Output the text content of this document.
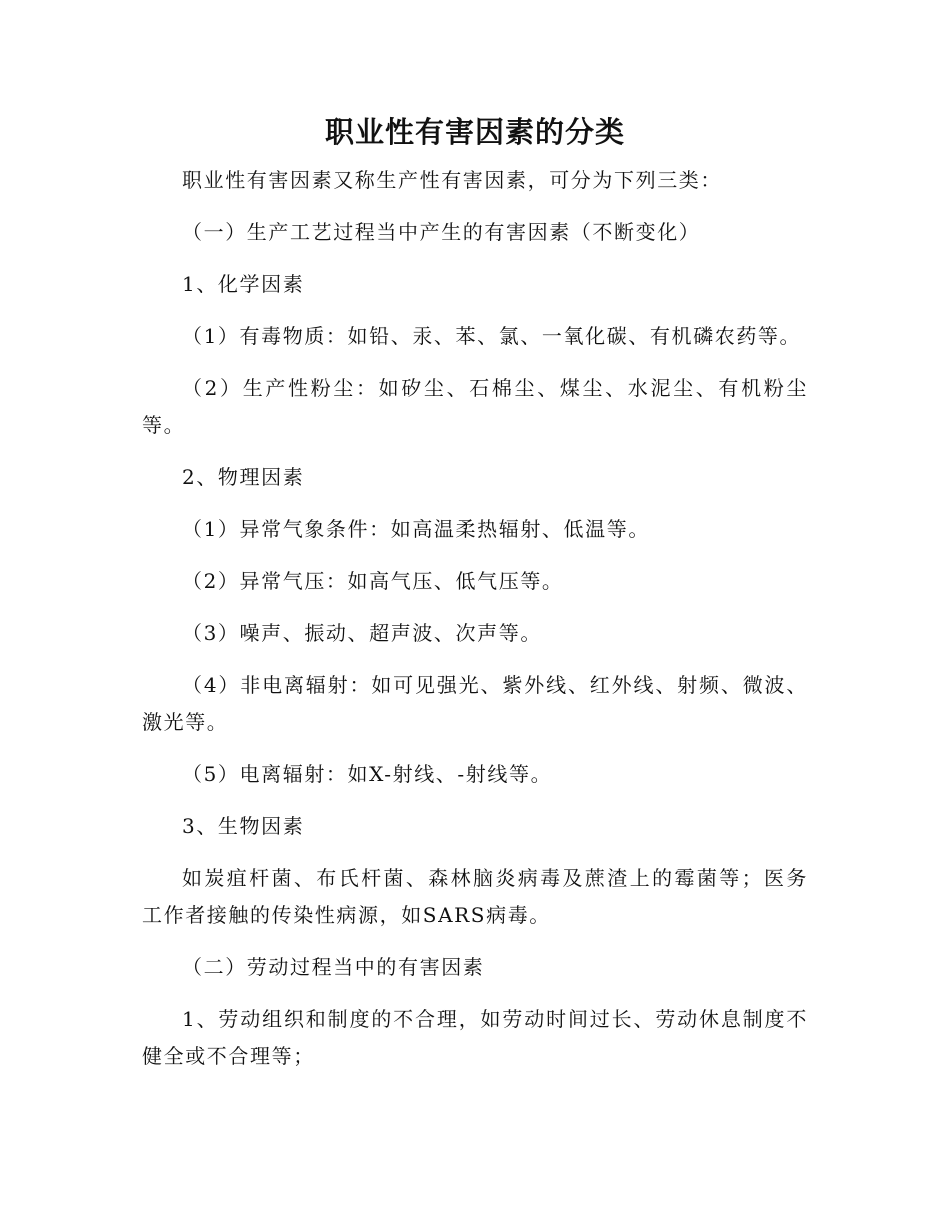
职业性有害因素的分类

职业性有害因素又称生产性有害因素，可分为下列三类：

（一）生产工艺过程当中产生的有害因素（不断变化）

1、化学因素

（1）有毒物质：如铅、汞、苯、氯、一氧化碳、有机磷农药等。

（2）生产性粉尘：如矽尘、石棉尘、煤尘、水泥尘、有机粉尘等。

2、物理因素

（1）异常气象条件：如高温柔热辐射、低温等。

（2）异常气压：如高气压、低气压等。

（3）噪声、振动、超声波、次声等。

（4）非电离辐射：如可见强光、紫外线、红外线、射频、微波、激光等。

（5）电离辐射：如X-射线、-射线等。

3、生物因素

如炭疽杆菌、布氏杆菌、森林脑炎病毒及蔗渣上的霉菌等；医务工作者接触的传染性病源，如SARS病毒。

（二）劳动过程当中的有害因素

1、劳动组织和制度的不合理，如劳动时间过长、劳动休息制度不健全或不合理等；
